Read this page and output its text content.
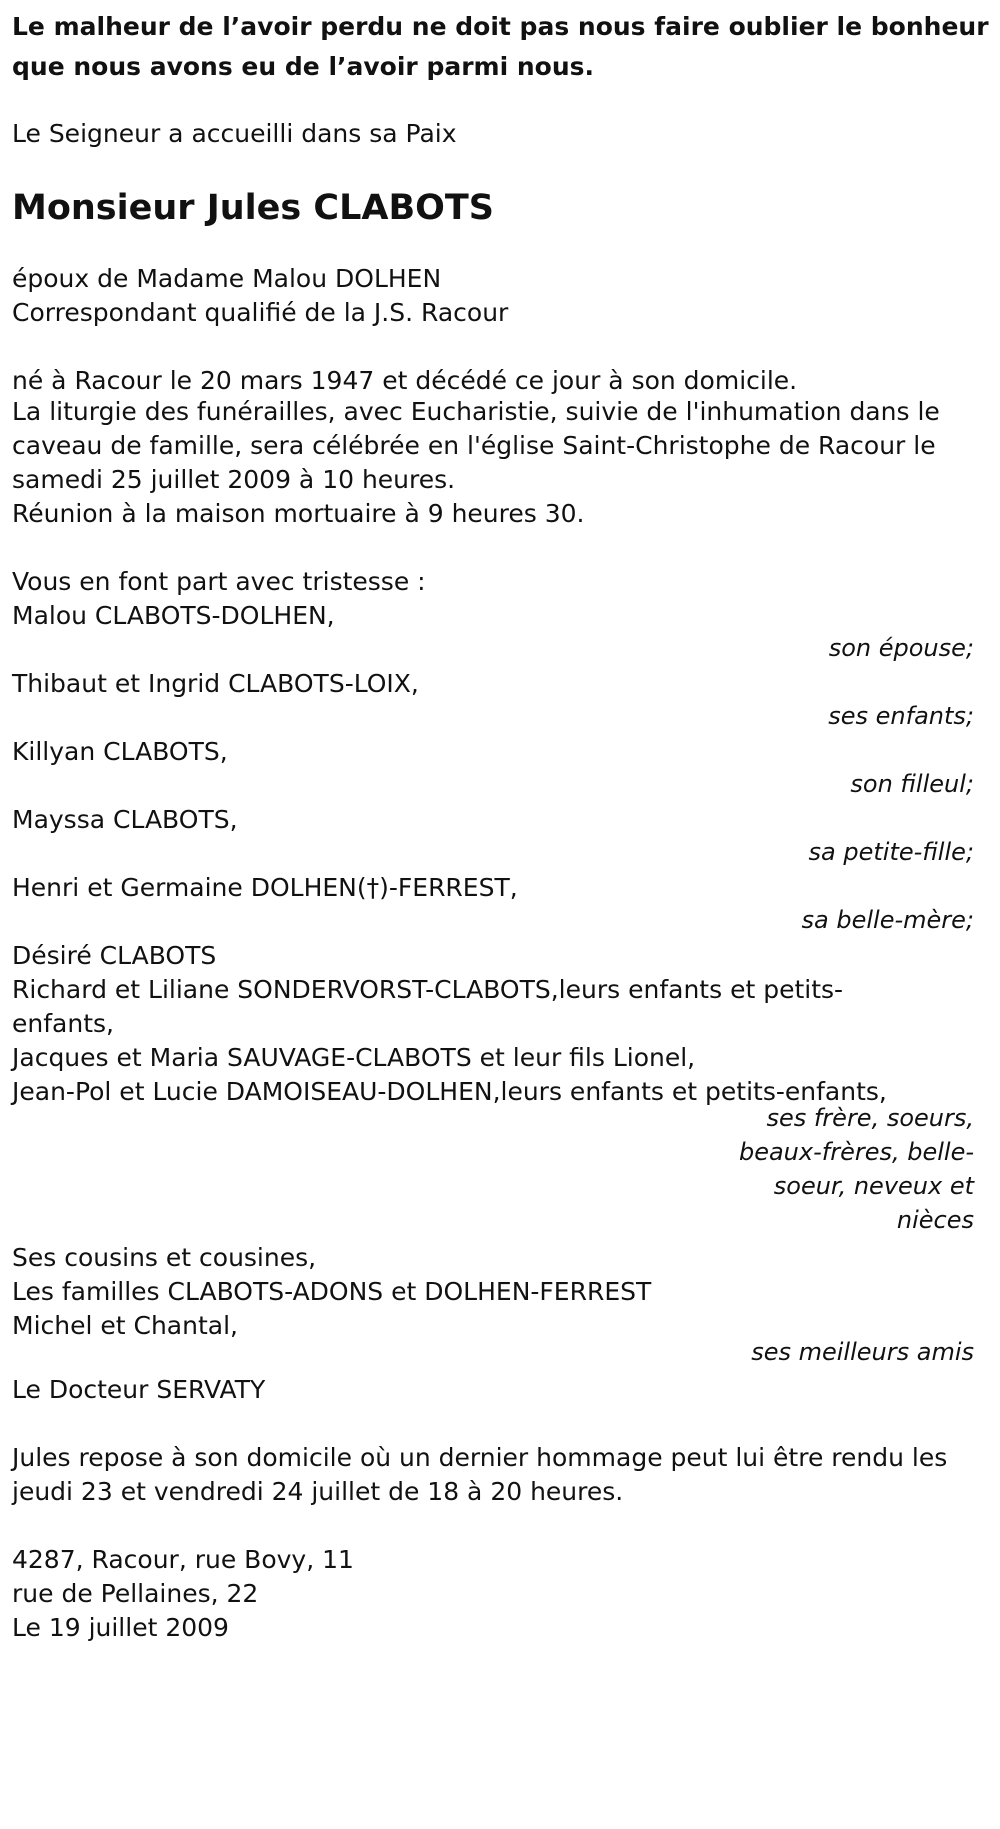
Le malheur de l’avoir perdu ne doit pas nous faire oublier le bonheur que nous avons eu de l’avoir parmi nous.

Le Seigneur a accueilli dans sa Paix

Monsieur Jules CLABOTS

époux de Madame Malou DOLHEN

Correspondant qualifié de la J.S. Racour

né à Racour le 20 mars 1947 et décédé ce jour à son domicile.

La liturgie des funérailles, avec Eucharistie, suivie de l'inhumation dans le caveau de famille, sera célébrée en l'église Saint-Christophe de Racour le samedi 25 juillet 2009 à 10 heures.

Réunion à la maison mortuaire à 9 heures 30.

Vous en font part avec tristesse :

Malou CLABOTS-DOLHEN,
son épouse;
Thibaut et Ingrid CLABOTS-LOIX,
ses enfants;
Killyan CLABOTS,
son filleul;
Mayssa CLABOTS,
sa petite-fille;
Henri et Germaine DOLHEN(†)-FERREST,
sa belle-mère;
Désiré CLABOTS
Richard et Liliane SONDERVORST-CLABOTS,leurs enfants et petits-enfants,
Jacques et Maria SAUVAGE-CLABOTS et leur fils Lionel,
Jean-Pol et Lucie DAMOISEAU-DOLHEN,leurs enfants et petits-enfants,
ses frère, soeurs, beaux-frères, belle-soeur, neveux et nièces
Ses cousins et cousines,
Les familles CLABOTS-ADONS et DOLHEN-FERREST
Michel et Chantal,
ses meilleurs amis
Le Docteur SERVATY

Jules repose à son domicile où un dernier hommage peut lui être rendu les jeudi 23 et vendredi 24 juillet de 18 à 20 heures.

4287, Racour, rue Bovy, 11
rue de Pellaines, 22
Le 19 juillet 2009
